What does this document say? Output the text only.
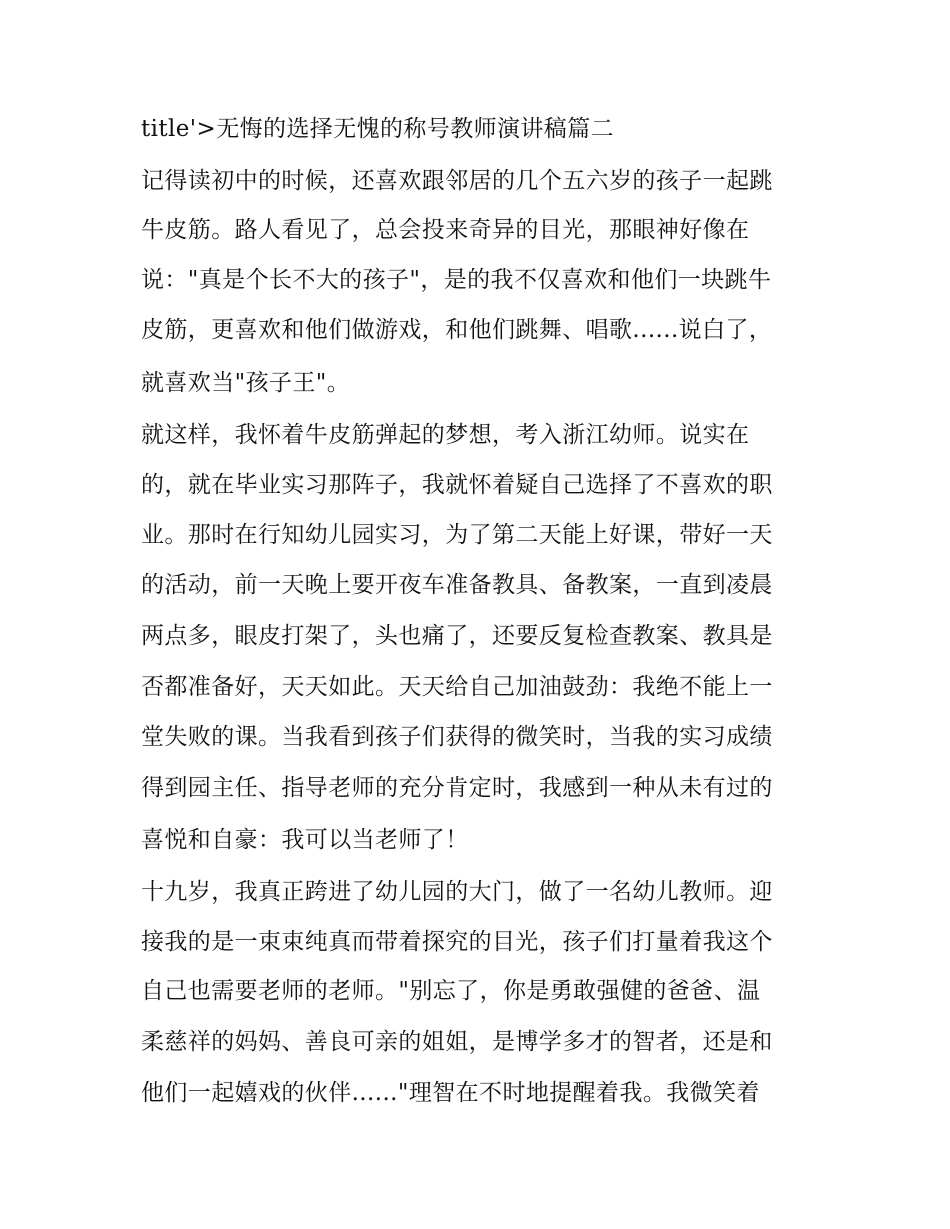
title'>无悔的选择无愧的称号教师演讲稿篇二
记得读初中的时候，还喜欢跟邻居的几个五六岁的孩子一起跳
牛皮筋。路人看见了，总会投来奇异的目光，那眼神好像在
说："真是个长不大的孩子"，是的我不仅喜欢和他们一块跳牛
皮筋，更喜欢和他们做游戏，和他们跳舞、唱歌......说白了，
就喜欢当"孩子王"。
就这样，我怀着牛皮筋弹起的梦想，考入浙江幼师。说实在
的，就在毕业实习那阵子，我就怀着疑自己选择了不喜欢的职
业。那时在行知幼儿园实习，为了第二天能上好课，带好一天
的活动，前一天晚上要开夜车准备教具、备教案，一直到凌晨
两点多，眼皮打架了，头也痛了，还要反复检查教案、教具是
否都准备好，天天如此。天天给自己加油鼓劲：我绝不能上一
堂失败的课。当我看到孩子们获得的微笑时，当我的实习成绩
得到园主任、指导老师的充分肯定时，我感到一种从未有过的
喜悦和自豪：我可以当老师了！
十九岁，我真正跨进了幼儿园的大门，做了一名幼儿教师。迎
接我的是一束束纯真而带着探究的目光，孩子们打量着我这个
自己也需要老师的老师。"别忘了，你是勇敢强健的爸爸、温
柔慈祥的妈妈、善良可亲的姐姐，是博学多才的智者，还是和
他们一起嬉戏的伙伴......"理智在不时地提醒着我。我微笑着
